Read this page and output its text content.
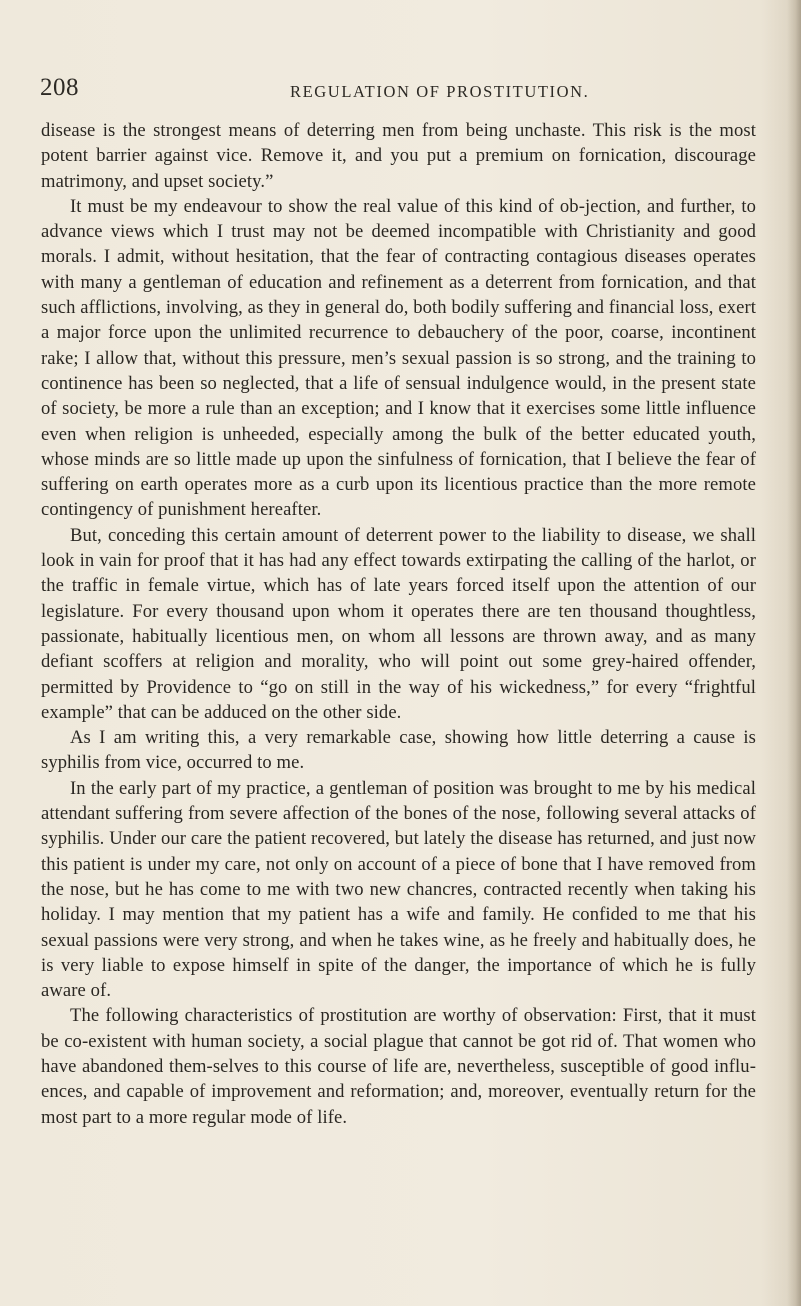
208	REGULATION OF PROSTITUTION.

disease is the strongest means of deterring men from being unchaste. This risk is the most potent barrier against vice. Remove it, and you put a premium on fornication, discourage matrimony, and upset society.”

It must be my endeavour to show the real value of this kind of ob-jection, and further, to advance views which I trust may not be deemed incompatible with Christianity and good morals. I admit, without hesitation, that the fear of contracting contagious diseases operates with many a gentleman of education and refinement as a deterrent from fornication, and that such afflictions, involving, as they in general do, both bodily suffering and financial loss, exert a major force upon the unlimited recurrence to debauchery of the poor, coarse, incontinent rake; I allow that, without this pressure, men’s sexual passion is so strong, and the training to continence has been so neglected, that a life of sensual indulgence would, in the present state of society, be more a rule than an exception; and I know that it exercises some little influence even when religion is unheeded, especially among the bulk of the better educated youth, whose minds are so little made up upon the sinfulness of fornication, that I believe the fear of suffering on earth operates more as a curb upon its licentious practice than the more remote contingency of punishment hereafter.

But, conceding this certain amount of deterrent power to the liability to disease, we shall look in vain for proof that it has had any effect towards extirpating the calling of the harlot, or the traffic in female virtue, which has of late years forced itself upon the attention of our legislature. For every thousand upon whom it operates there are ten thousand thoughtless, passionate, habitually licentious men, on whom all lessons are thrown away, and as many defiant scoffers at religion and morality, who will point out some grey-haired offender, permitted by Providence to “go on still in the way of his wickedness,” for every “frightful example” that can be adduced on the other side.

As I am writing this, a very remarkable case, showing how little deterring a cause is syphilis from vice, occurred to me.

In the early part of my practice, a gentleman of position was brought to me by his medical attendant suffering from severe affection of the bones of the nose, following several attacks of syphilis. Under our care the patient recovered, but lately the disease has returned, and just now this patient is under my care, not only on account of a piece of bone that I have removed from the nose, but he has come to me with two new chancres, contracted recently when taking his holiday. I may mention that my patient has a wife and family. He confided to me that his sexual passions were very strong, and when he takes wine, as he freely and habitually does, he is very liable to expose himself in spite of the danger, the importance of which he is fully aware of.

The following characteristics of prostitution are worthy of observation: First, that it must be co-existent with human society, a social plague that cannot be got rid of. That women who have abandoned them-selves to this course of life are, nevertheless, susceptible of good influ-ences, and capable of improvement and reformation; and, moreover, eventually return for the most part to a more regular mode of life.
